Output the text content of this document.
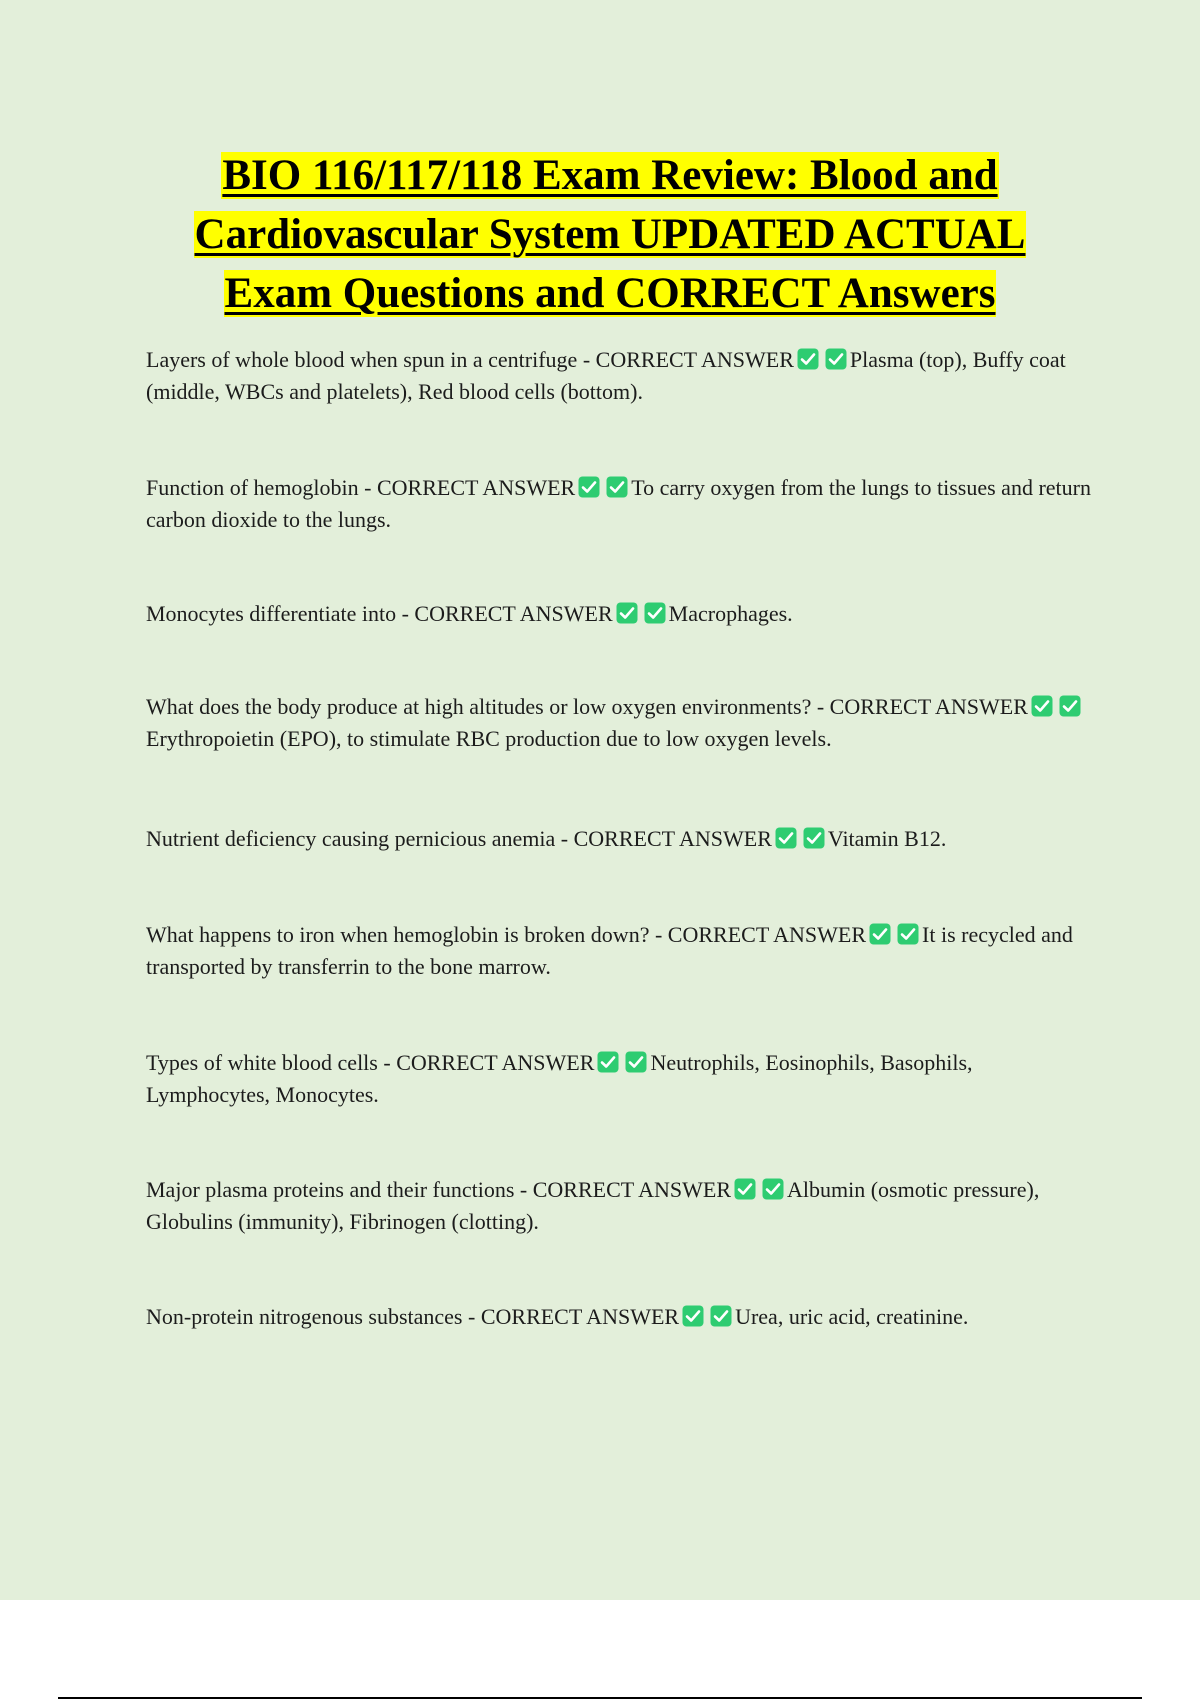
BIO 116/117/118 Exam Review: Blood and
Cardiovascular System UPDATED ACTUAL
Exam Questions and CORRECT Answers

Layers of whole blood when spun in a centrifuge - CORRECT ANSWER	Plasma (top), Buffy coat (middle, WBCs and platelets), Red blood cells (bottom).

Function of hemoglobin - CORRECT ANSWER	To carry oxygen from the lungs to tissues and return carbon dioxide to the lungs.

Monocytes differentiate into - CORRECT ANSWER	Macrophages.

What does the body produce at high altitudes or low oxygen environments? - CORRECT ANSWER
Erythropoietin (EPO), to stimulate RBC production due to low oxygen levels.

Nutrient deficiency causing pernicious anemia - CORRECT ANSWER	Vitamin B12.

What happens to iron when hemoglobin is broken down? - CORRECT ANSWER	It is recycled and transported by transferrin to the bone marrow.

Types of white blood cells - CORRECT ANSWER	Neutrophils, Eosinophils, Basophils, Lymphocytes, Monocytes.

Major plasma proteins and their functions - CORRECT ANSWER	Albumin (osmotic pressure), Globulins (immunity), Fibrinogen (clotting).

Non-protein nitrogenous substances - CORRECT ANSWER	Urea, uric acid, creatinine.
